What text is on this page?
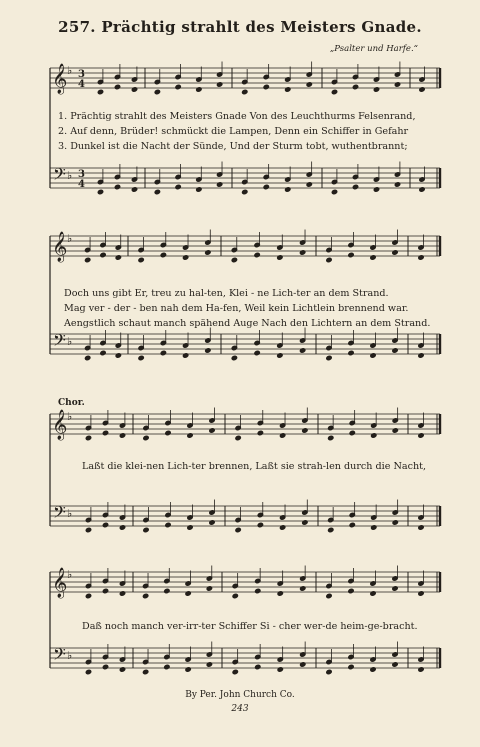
257. Prächtig strahlt des Meisters Gnade.
„Psalter und Harfe.“
𝄞
𝄢
♭
♭
3
4
3
4
𝄞
𝄢
♭
♭
𝄞
𝄢
♭
♭
𝄞
𝄢
♭
♭
1. Prächtig strahlt des Meisters Gnade Von des Leuchthurms Felsenrand,
2. Auf denn, Brüder! schmückt die Lampen, Denn ein Schiffer in Gefahr
3. Dunkel ist die Nacht der Sünde, Und der Sturm tobt, wuthentbrannt;
Doch uns gibt Er, treu zu hal-ten, Klei - ne Lich-ter an dem Strand.
Mag ver - der - ben nah dem Ha-fen, Weil kein Lichtlein brennend war.
Aengstlich schaut manch spähend Auge Nach den Lichtern an dem Strand.
Chor.
Laßt die klei-nen Lich-ter brennen, Laßt sie strah-len durch die Nacht,
Daß noch manch ver-irr-ter Schiffer Si - cher wer-de heim-ge-bracht.
By Per. John Church Co.
243
